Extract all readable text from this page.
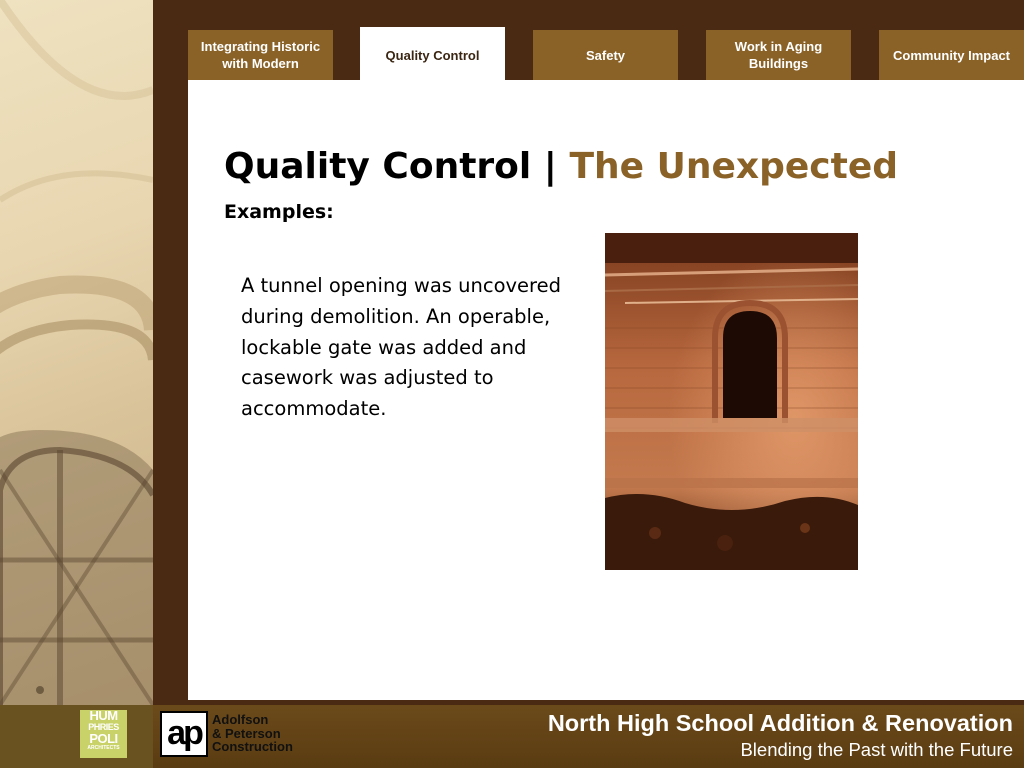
Integrating Historic with Modern
Quality Control	Safety
Work in Aging Buildings
Community Impact
Quality Control | The Unexpected
Examples:
A tunnel opening was uncovered during demolition. An operable, lockable gate was added and casework was adjusted to accommodate.
HUM
PHRIES
POLI
ARCHITECTS ap Adolfson
& Peterson
Construction
North High School Addition & Renovation
Blending the Past with the Future
